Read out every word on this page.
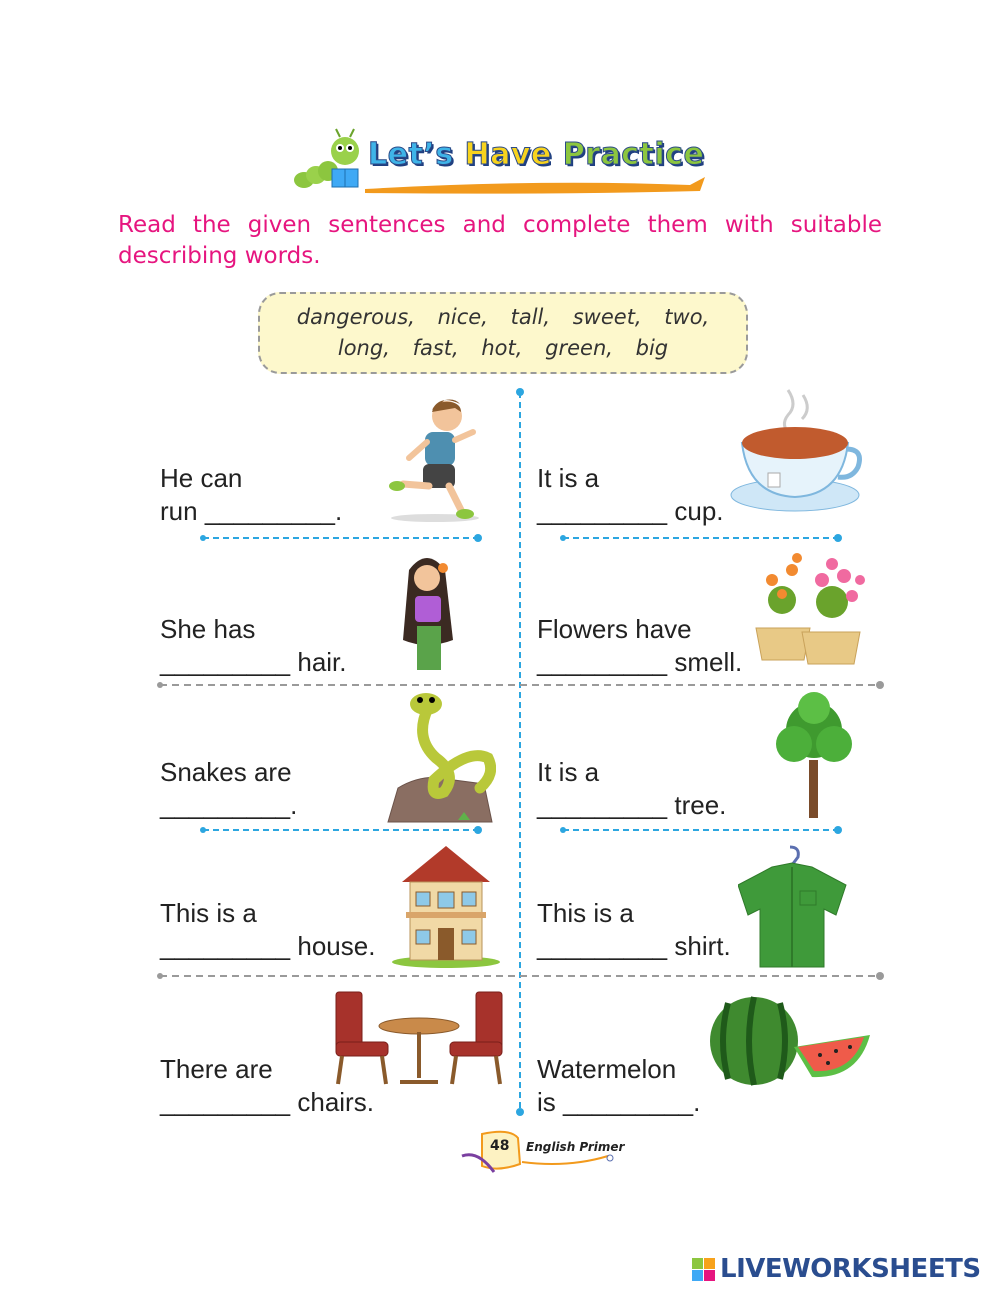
Let’s Have Practice
Read the given sentences and complete them with suitable describing words.
dangerous, nice, tall, sweet, two,
long, fast, hot, green, big
He can
run _________.
It is a
_________ cup.
She has
_________ hair.
Flowers have
_________ smell.
Snakes are
_________.
It is a
_________ tree.
This is a
_________ house.
This is a
_________ shirt.
There are
_________ chairs.
Watermelon
is _________.
48 English Primer
LIVEWORKSHEETS
